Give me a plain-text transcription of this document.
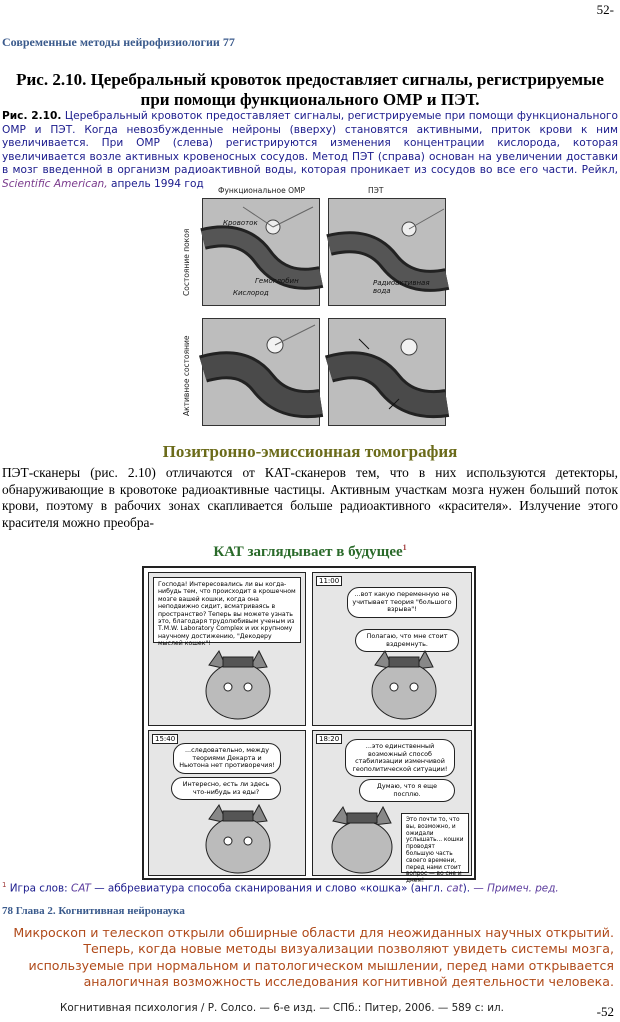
52-
Современные методы нейрофизиологии 77
Рис. 2.10. Церебральный кровоток предоставляет сигналы, регистрируемые при помощи функционального ОМР и ПЭТ.
Рис. 2.10. Церебральный кровоток предоставляет сигналы, регистрируемые при помощи функционального ОМР и ПЭТ. Когда невозбужденные нейроны (вверху) становятся активными, приток крови к ним увеличивается. При ОМР (слева) регистрируются изменения концентрации кислорода, которая увеличивается возле активных кровеносных сосудов. Метод ПЭТ (справа) основан на увеличении доставки в мозг введенной в организм радиоактивной воды, которая проникает из сосудов во все его части. Рейкл, Scientific American, апрель 1994 год
Функциональное ОМР	ПЭТ
Состояние покоя
Активное состояние
Кровоток
Гемоглобин
Кислород
Радиоактивная вода
Позитронно-эмиссионная томография
ПЭТ-сканеры (рис. 2.10) отличаются от КАТ-сканеров тем, что в них используются детекторы, обнаруживающие в кровотоке радиоактивные частицы. Активным участкам мозга нужен больший поток крови, поэтому в рабочих зонах скапливается больше радиоактивного «красителя». Излучение этого красителя можно преобра-
КАТ заглядывает в будущее$^1$
Господа! Интересовались ли вы когда-нибудь тем, что происходит в крошечном мозге вашей кошки, когда она неподвижно сидит, всматриваясь в пространство? Теперь вы можете узнать это, благодаря трудолюбивым ученым из Т.М.W. Laboratory Complex и их крупному научному достижению, "Декодеру мыслей кошек"!
11:00
...вот какую переменную не учитывает теория "большого взрыва"!
Полагаю, что мне стоит вздремнуть.
15:40
...следовательно, между теориями Декарта и Ньютона нет противоречия!
Интересно, есть ли здесь что-нибудь из еды?
18:20
...это единственный возможный способ стабилизации изменчивой геополитической ситуации!
Думаю, что я еще посплю.
Это почти то, что вы, возможно, и ожидали услышать... кошки проводят большую часть своего времени, перед нами стоит вопрос — во сне и днем!
$^1$ Игра слов: CAT — аббревиатура способа сканирования и слово «кошка» (англ. cat). — Примеч. ред.
78 Глава 2. Когнитивная нейронаука
Микроскоп и телескоп открыли обширные области для неожиданных научных открытий. Теперь, когда новые методы визуализации позволяют увидеть системы мозга, используемые при нормальном и патологическом мышлении, перед нами открывается аналогичная возможность исследования когнитивной деятельности человека.
Когнитивная психология / Р. Солсо. — 6-е изд. — СПб.: Питер, 2006. — 589 с: ил.	-52
